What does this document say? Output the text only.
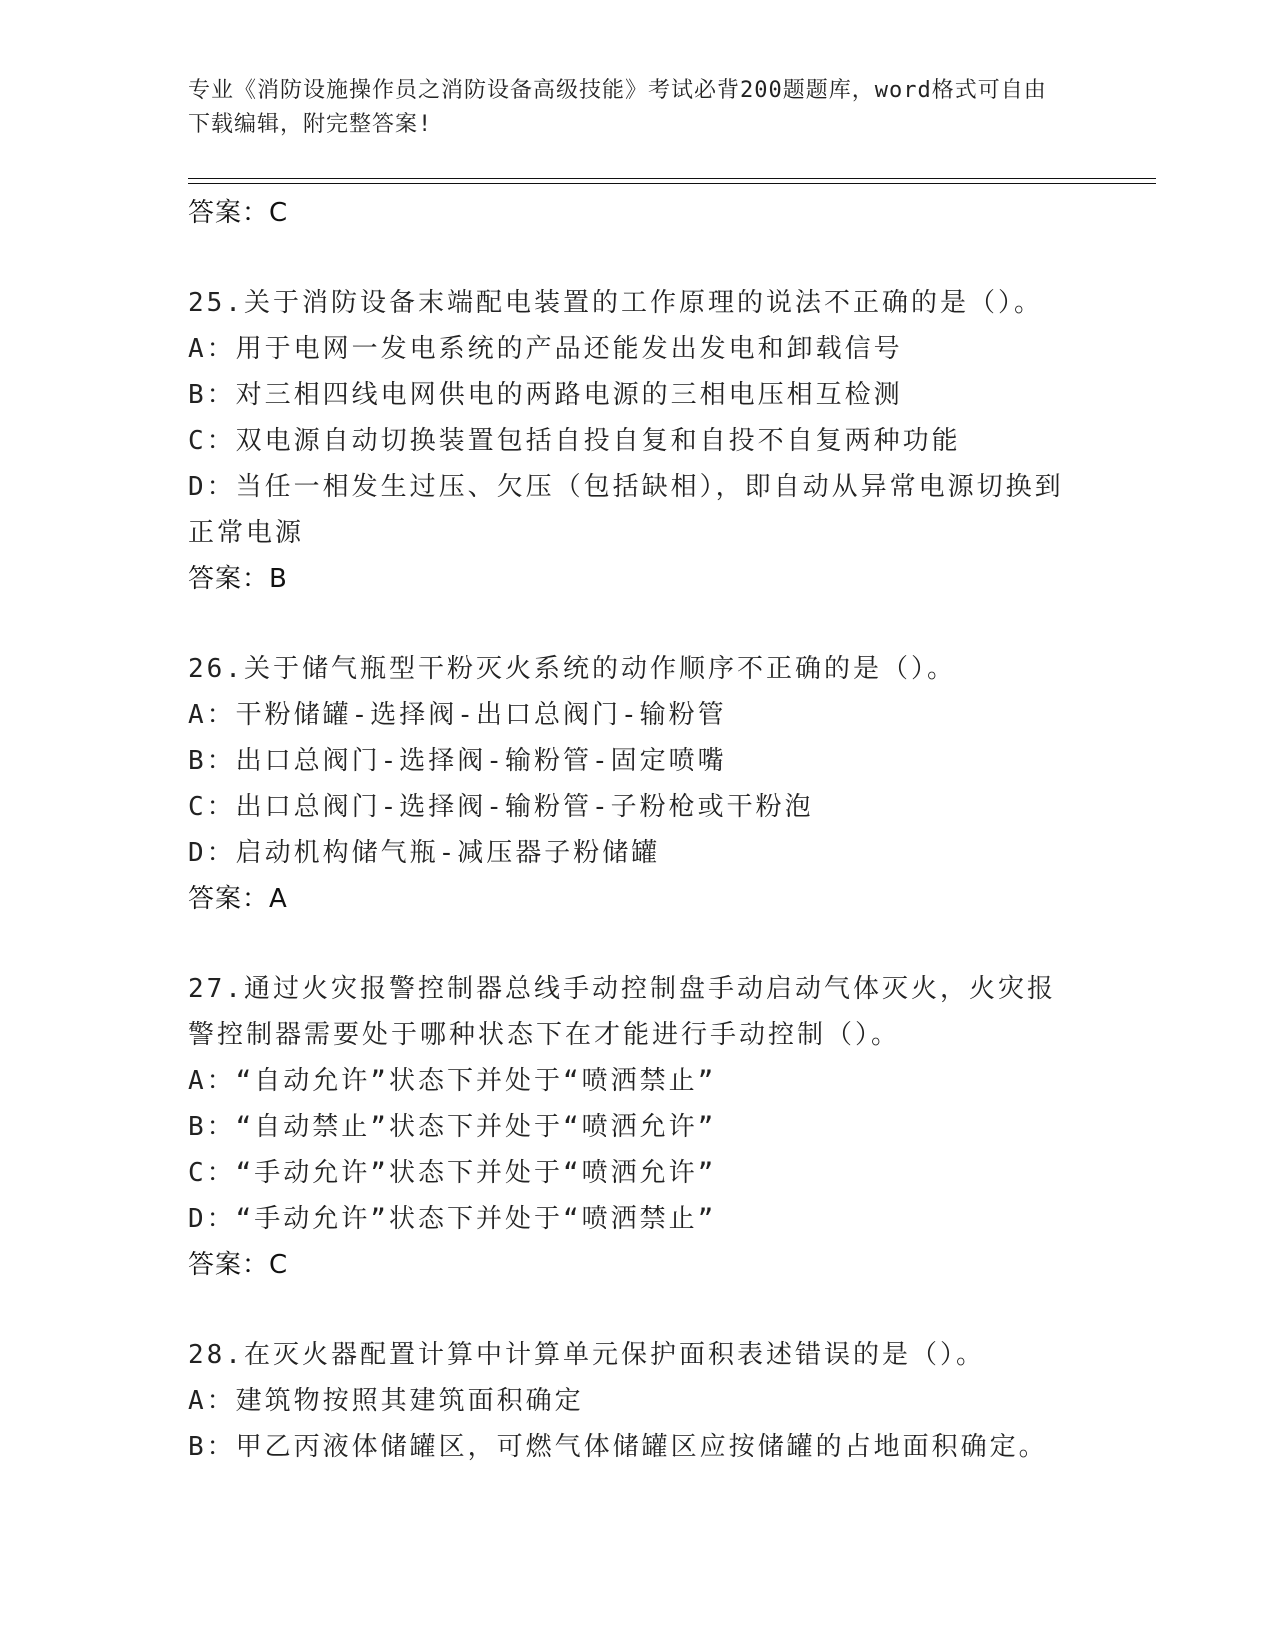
专业《消防设施操作员之消防设备高级技能》考试必背200题题库，word格式可自由下载编辑，附完整答案!
答案：C
25.关于消防设备末端配电装置的工作原理的说法不正确的是（）。
A：用于电网一发电系统的产品还能发出发电和卸载信号
B：对三相四线电网供电的两路电源的三相电压相互检测
C：双电源自动切换装置包括自投自复和自投不自复两种功能
D：当任一相发生过压、欠压（包括缺相），即自动从异常电源切换到正常电源
答案：B
26.关于储气瓶型干粉灭火系统的动作顺序不正确的是（）。
A：干粉储罐-选择阀-出口总阀门-输粉管
B：出口总阀门-选择阀-输粉管-固定喷嘴
C：出口总阀门-选择阀-输粉管-子粉枪或干粉泡
D：启动机构储气瓶-减压器子粉储罐
答案：A
27.通过火灾报警控制器总线手动控制盘手动启动气体灭火，火灾报警控制器需要处于哪种状态下在才能进行手动控制（）。
A：“自动允许”状态下并处于“喷洒禁止”
B：“自动禁止”状态下并处于“喷洒允许”
C：“手动允许”状态下并处于“喷洒允许”
D：“手动允许”状态下并处于“喷洒禁止”
答案：C
28.在灭火器配置计算中计算单元保护面积表述错误的是（）。
A：建筑物按照其建筑面积确定
B：甲乙丙液体储罐区，可燃气体储罐区应按储罐的占地面积确定。
